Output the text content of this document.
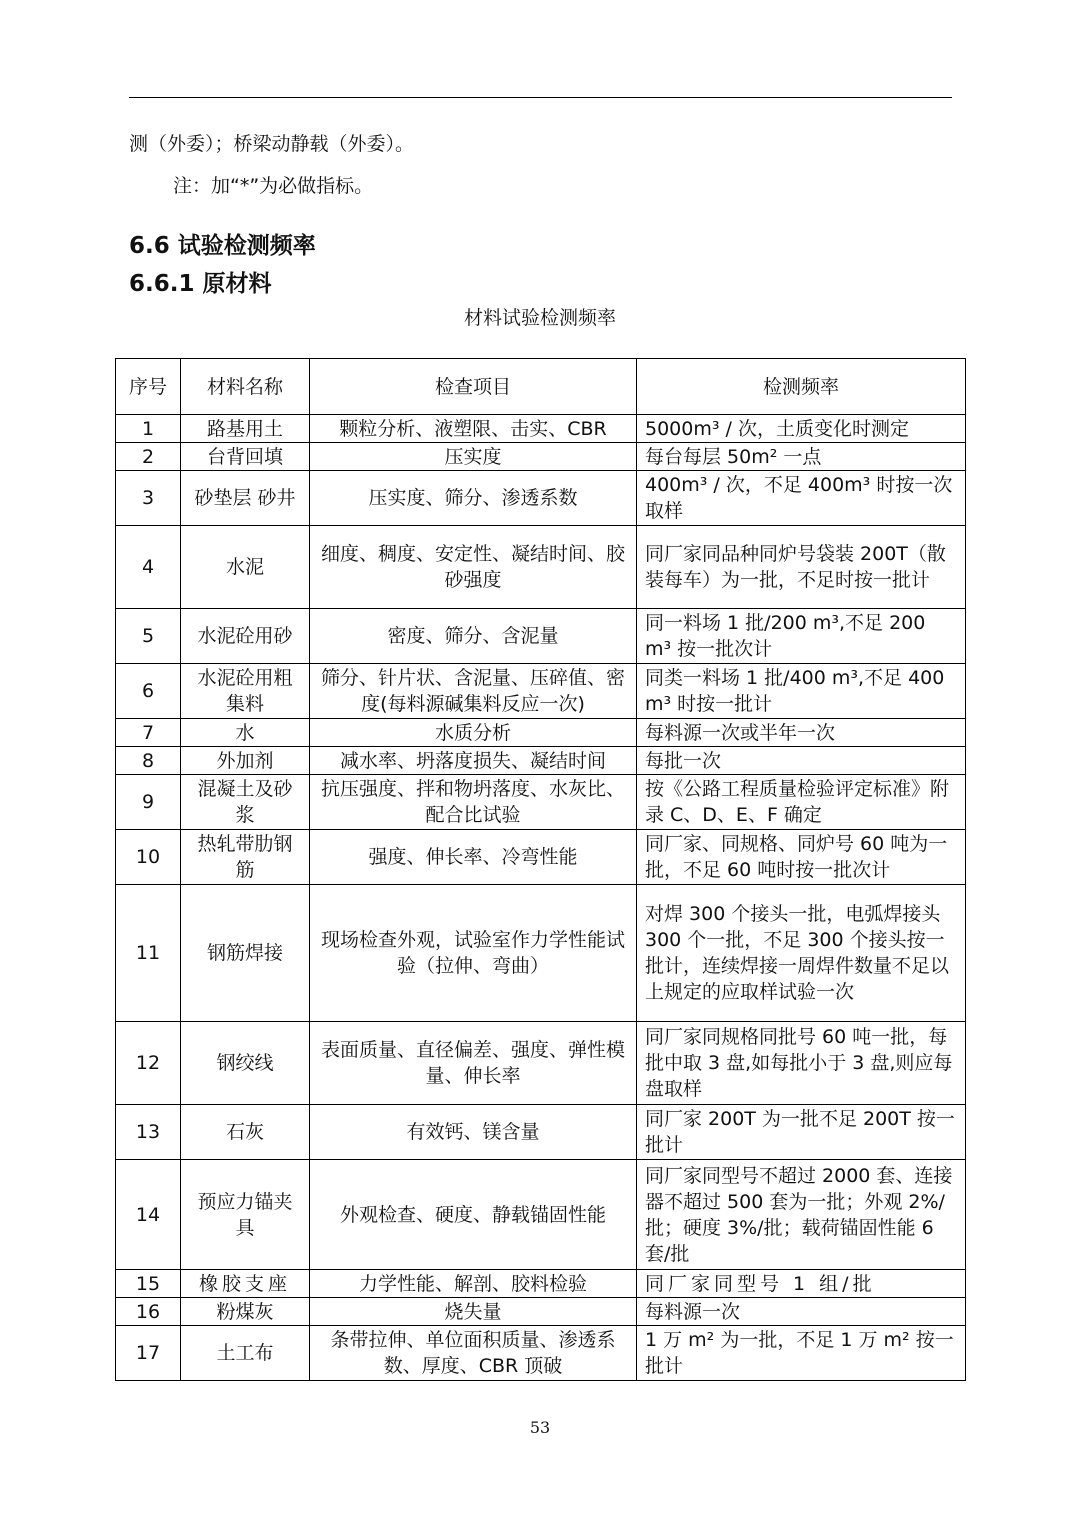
测（外委）；桥梁动静载（外委）。
注：加“*”为必做指标。
6.6 试验检测频率
6.6.1 原材料
材料试验检测频率
序号	材料名称	检查项目	检测频率
1	路基用土	颗粒分析、液塑限、击实、CBR	5000m³ / 次，土质变化时测定
2	台背回填	压实度	每台每层 50m² 一点
3	砂垫层 砂井	压实度、筛分、渗透系数	400m³ / 次，不足 400m³ 时按一次取样
4	水泥	细度、稠度、安定性、凝结时间、胶砂强度	同厂家同品种同炉号袋装 200T（散装每车）为一批，不足时按一批计
5	水泥砼用砂	密度、筛分、含泥量	同一料场 1 批/200 m³,不足 200 m³ 按一批次计
6	水泥砼用粗集料	筛分、针片状、含泥量、压碎值、密度(每料源碱集料反应一次)	同类一料场 1 批/400 m³,不足 400 m³ 时按一批计
7	水	水质分析	每料源一次或半年一次
8	外加剂	减水率、坍落度损失、凝结时间	每批一次
9	混凝土及砂浆	抗压强度、拌和物坍落度、水灰比、配合比试验	按《公路工程质量检验评定标准》附录 C、D、E、F 确定
10	热轧带肋钢筋	强度、伸长率、冷弯性能	同厂家、同规格、同炉号 60 吨为一批，不足 60 吨时按一批次计
11	钢筋焊接	现场检查外观，试验室作力学性能试验（拉伸、弯曲）	对焊 300 个接头一批，电弧焊接头 300 个一批，不足 300 个接头按一批计，连续焊接一周焊件数量不足以上规定的应取样试验一次
12	钢绞线	表面质量、直径偏差、强度、弹性模量、伸长率	同厂家同规格同批号 60 吨一批，每批中取 3 盘,如每批小于 3 盘,则应每盘取样
13	石灰	有效钙、镁含量	同厂家 200T 为一批不足 200T 按一批计
14	预应力锚夹具	外观检查、硬度、静载锚固性能	同厂家同型号不超过 2000 套、连接器不超过 500 套为一批；外观 2%/批；硬度 3%/批；载荷锚固性能 6 套/批
15	橡胶支座	力学性能、解剖、胶料检验	同厂家同型号 1 组/批
16	粉煤灰	烧失量	每料源一次
17	土工布	条带拉伸、单位面积质量、渗透系数、厚度、CBR 顶破	1 万 m² 为一批，不足 1 万 m² 按一批计
53
